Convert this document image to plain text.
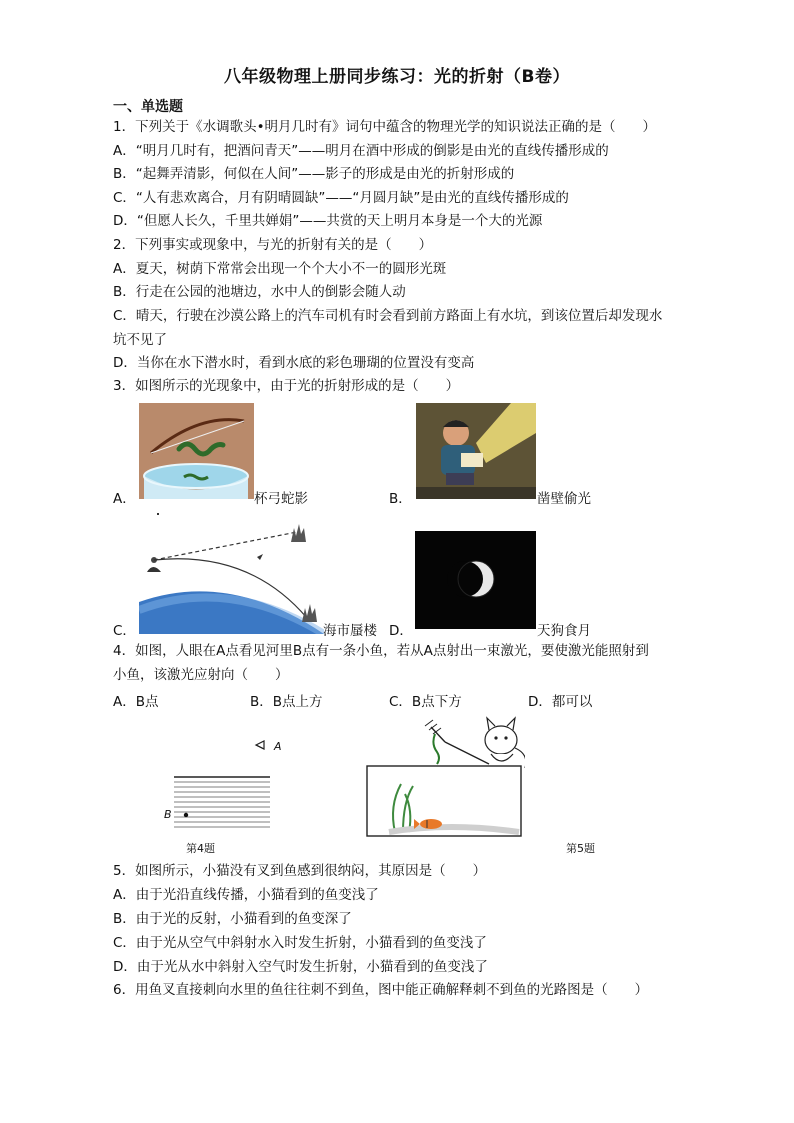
八年级物理上册同步练习：光的折射（B卷）
一、单选题
1．下列关于《水调歌头•明月几时有》词句中蕴含的物理光学的知识说法正确的是（　　）
A．“明月几时有，把酒问青天”——明月在酒中形成的倒影是由光的直线传播形成的
B．“起舞弄清影，何似在人间”——影子的形成是由光的折射形成的
C．“人有悲欢离合，月有阴晴圆缺”——“月圆月缺”是由光的直线传播形成的
D．“但愿人长久，千里共婵娟”——共赏的天上明月本身是一个大的光源
2．下列事实或现象中，与光的折射有关的是（　　）
A．夏天，树荫下常常会出现一个个大小不一的圆形光斑
B．行走在公园的池塘边，水中人的倒影会随人动
C．晴天，行驶在沙漠公路上的汽车司机有时会看到前方路面上有水坑，到该位置后却发现水
坑不见了
D．当你在水下潜水时，看到水底的彩色珊瑚的位置没有变高
3．如图所示的光现象中，由于光的折射形成的是（　　）
A．	杯弓蛇影	B．	凿壁偷光
C．	海市蜃楼 D．	天狗食月
4．如图，人眼在A点看见河里B点有一条小鱼，若从A点射出一束激光，要使激光能照射到
小鱼，该激光应射向（　　）
A．B点	B．B点上方	C．B点下方	D．都可以
A
B
第4题	第5题
5．如图所示，小猫没有叉到鱼感到很纳闷，其原因是（　　）
A．由于光沿直线传播，小猫看到的鱼变浅了
B．由于光的反射，小猫看到的鱼变深了
C．由于光从空气中斜射水入时发生折射，小猫看到的鱼变浅了
D．由于光从水中斜射入空气时发生折射，小猫看到的鱼变浅了
6．用鱼叉直接刺向水里的鱼往往刺不到鱼，图中能正确解释刺不到鱼的光路图是（　　）
